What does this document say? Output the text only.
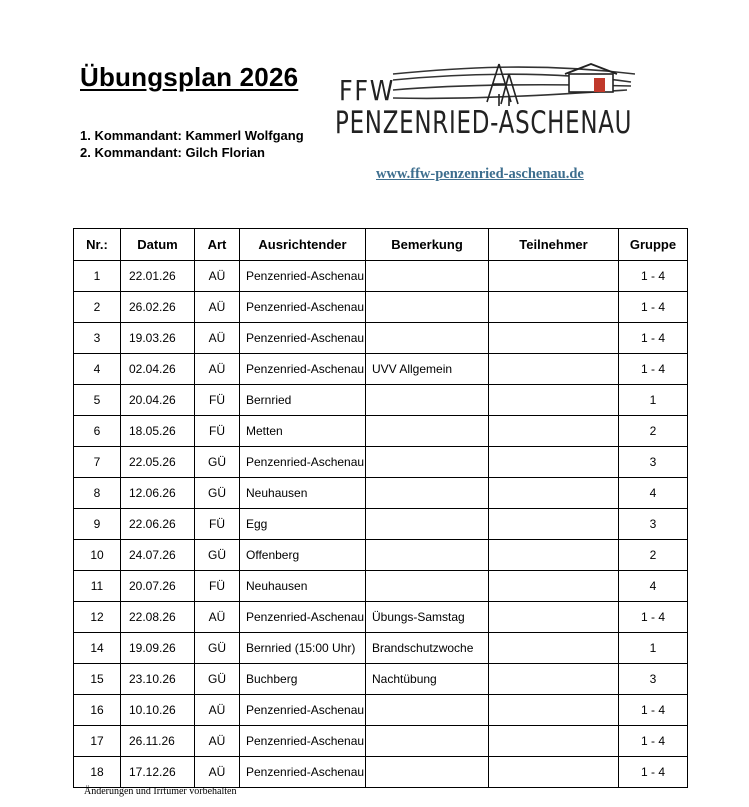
Übungsplan 2026
1. Kommandant: Kammerl Wolfgang
2. Kommandant: Gilch Florian
FFW
PENZENRIED-ASCHENAU
www.ffw-penzenried-aschenau.de
Nr.:	Datum	Art	Ausrichtender	Bemerkung	Teilnehmer	Gruppe
1	22.01.26	AÜ	Penzenried-Aschenau			1 - 4
2	26.02.26	AÜ	Penzenried-Aschenau			1 - 4
3	19.03.26	AÜ	Penzenried-Aschenau			1 - 4
4	02.04.26	AÜ	Penzenried-Aschenau	UVV Allgemein		1 - 4
5	20.04.26	FÜ	Bernried			1
6	18.05.26	FÜ	Metten			2
7	22.05.26	GÜ	Penzenried-Aschenau			3
8	12.06.26	GÜ	Neuhausen			4
9	22.06.26	FÜ	Egg			3
10	24.07.26	GÜ	Offenberg			2
11	20.07.26	FÜ	Neuhausen			4
12	22.08.26	AÜ	Penzenried-Aschenau	Übungs-Samstag		1 - 4
14	19.09.26	GÜ	Bernried (15:00 Uhr)	Brandschutzwoche		1
15	23.10.26	GÜ	Buchberg	Nachtübung		3
16	10.10.26	AÜ	Penzenried-Aschenau			1 - 4
17	26.11.26	AÜ	Penzenried-Aschenau			1 - 4
18	17.12.26	AÜ	Penzenried-Aschenau			1 - 4
Änderungen und Irrtümer vorbehalten
